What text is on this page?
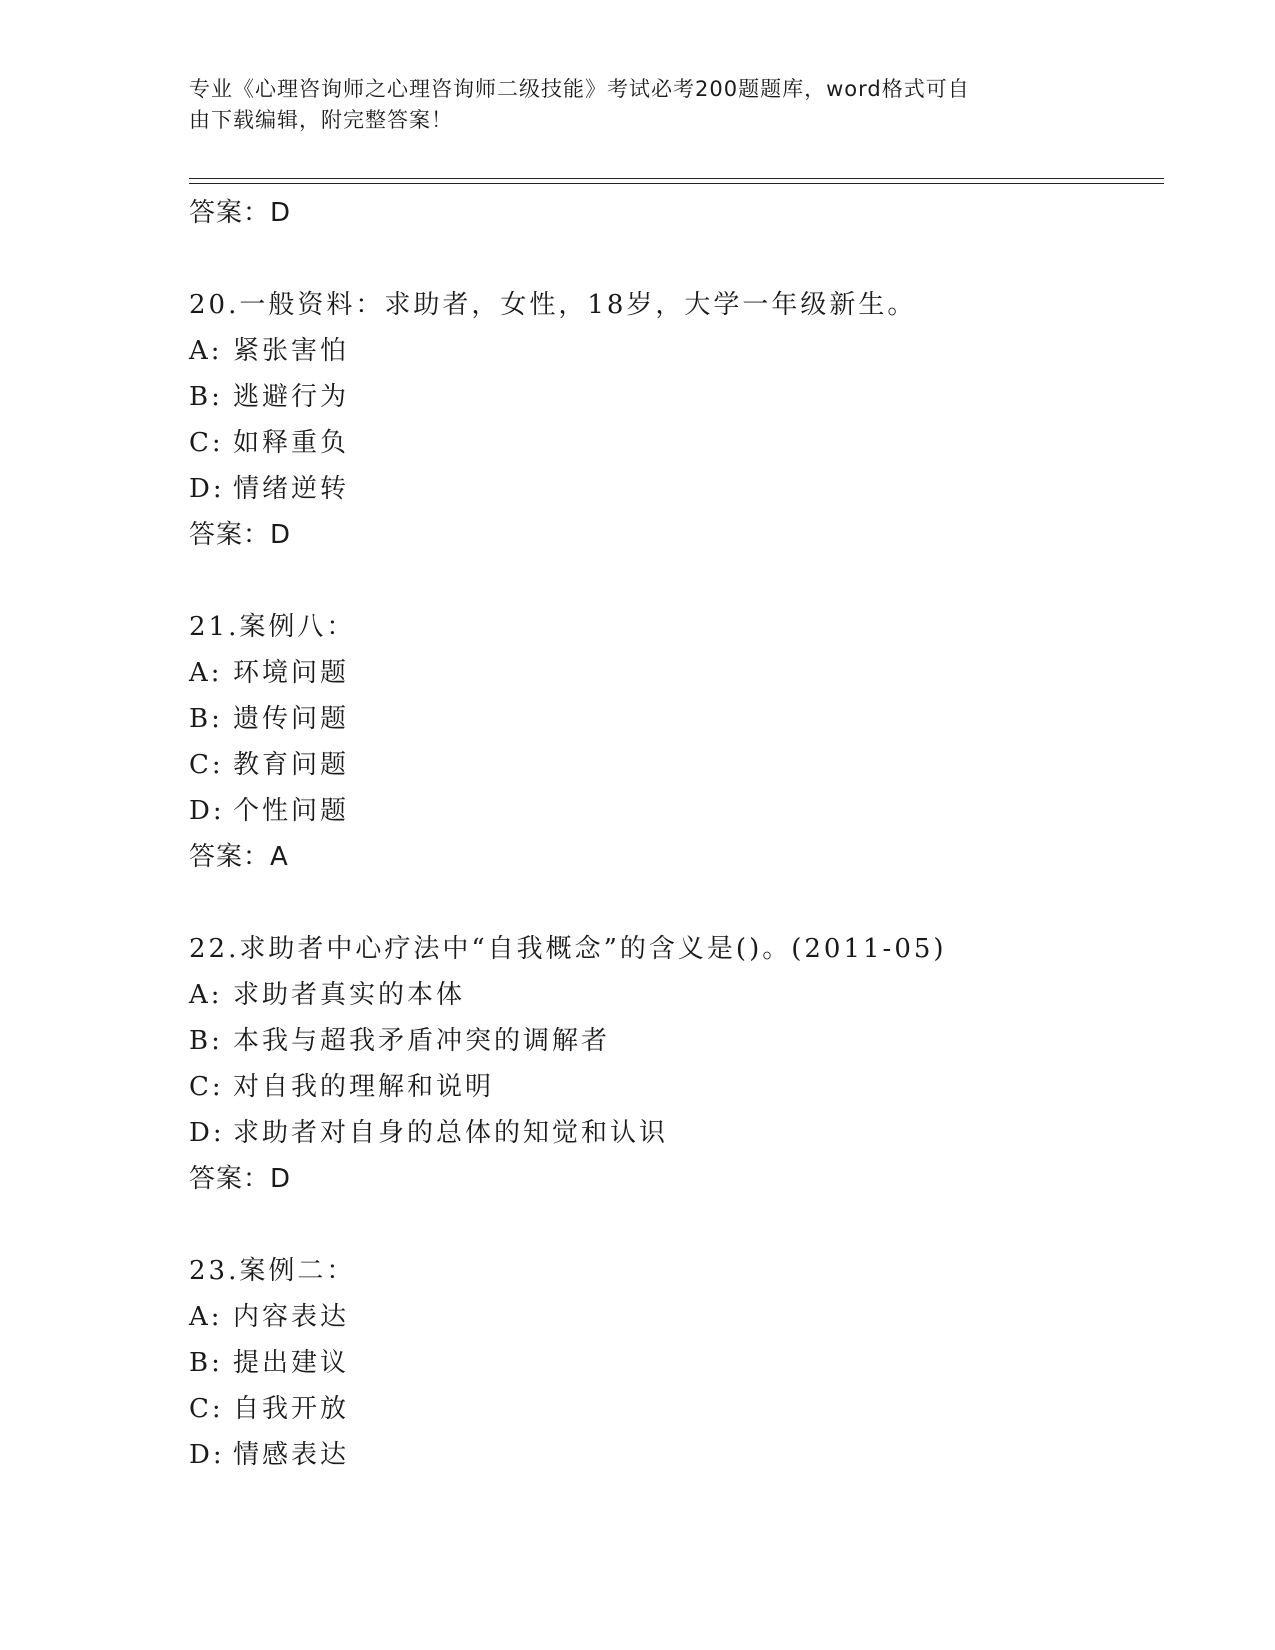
专业《心理咨询师之心理咨询师二级技能》考试必考200题题库，word格式可自
由下载编辑，附完整答案！
答案：D
20.一般资料：求助者，女性，18岁，大学一年级新生。
A: 紧张害怕
B: 逃避行为
C: 如释重负
D: 情绪逆转
答案：D
21.案例八：
A: 环境问题
B: 遗传问题
C: 教育问题
D: 个性问题
答案：A
22.求助者中心疗法中“自我概念”的含义是()。(2011-05)
A: 求助者真实的本体
B: 本我与超我矛盾冲突的调解者
C: 对自我的理解和说明
D: 求助者对自身的总体的知觉和认识
答案：D
23.案例二：
A: 内容表达
B: 提出建议
C: 自我开放
D: 情感表达
